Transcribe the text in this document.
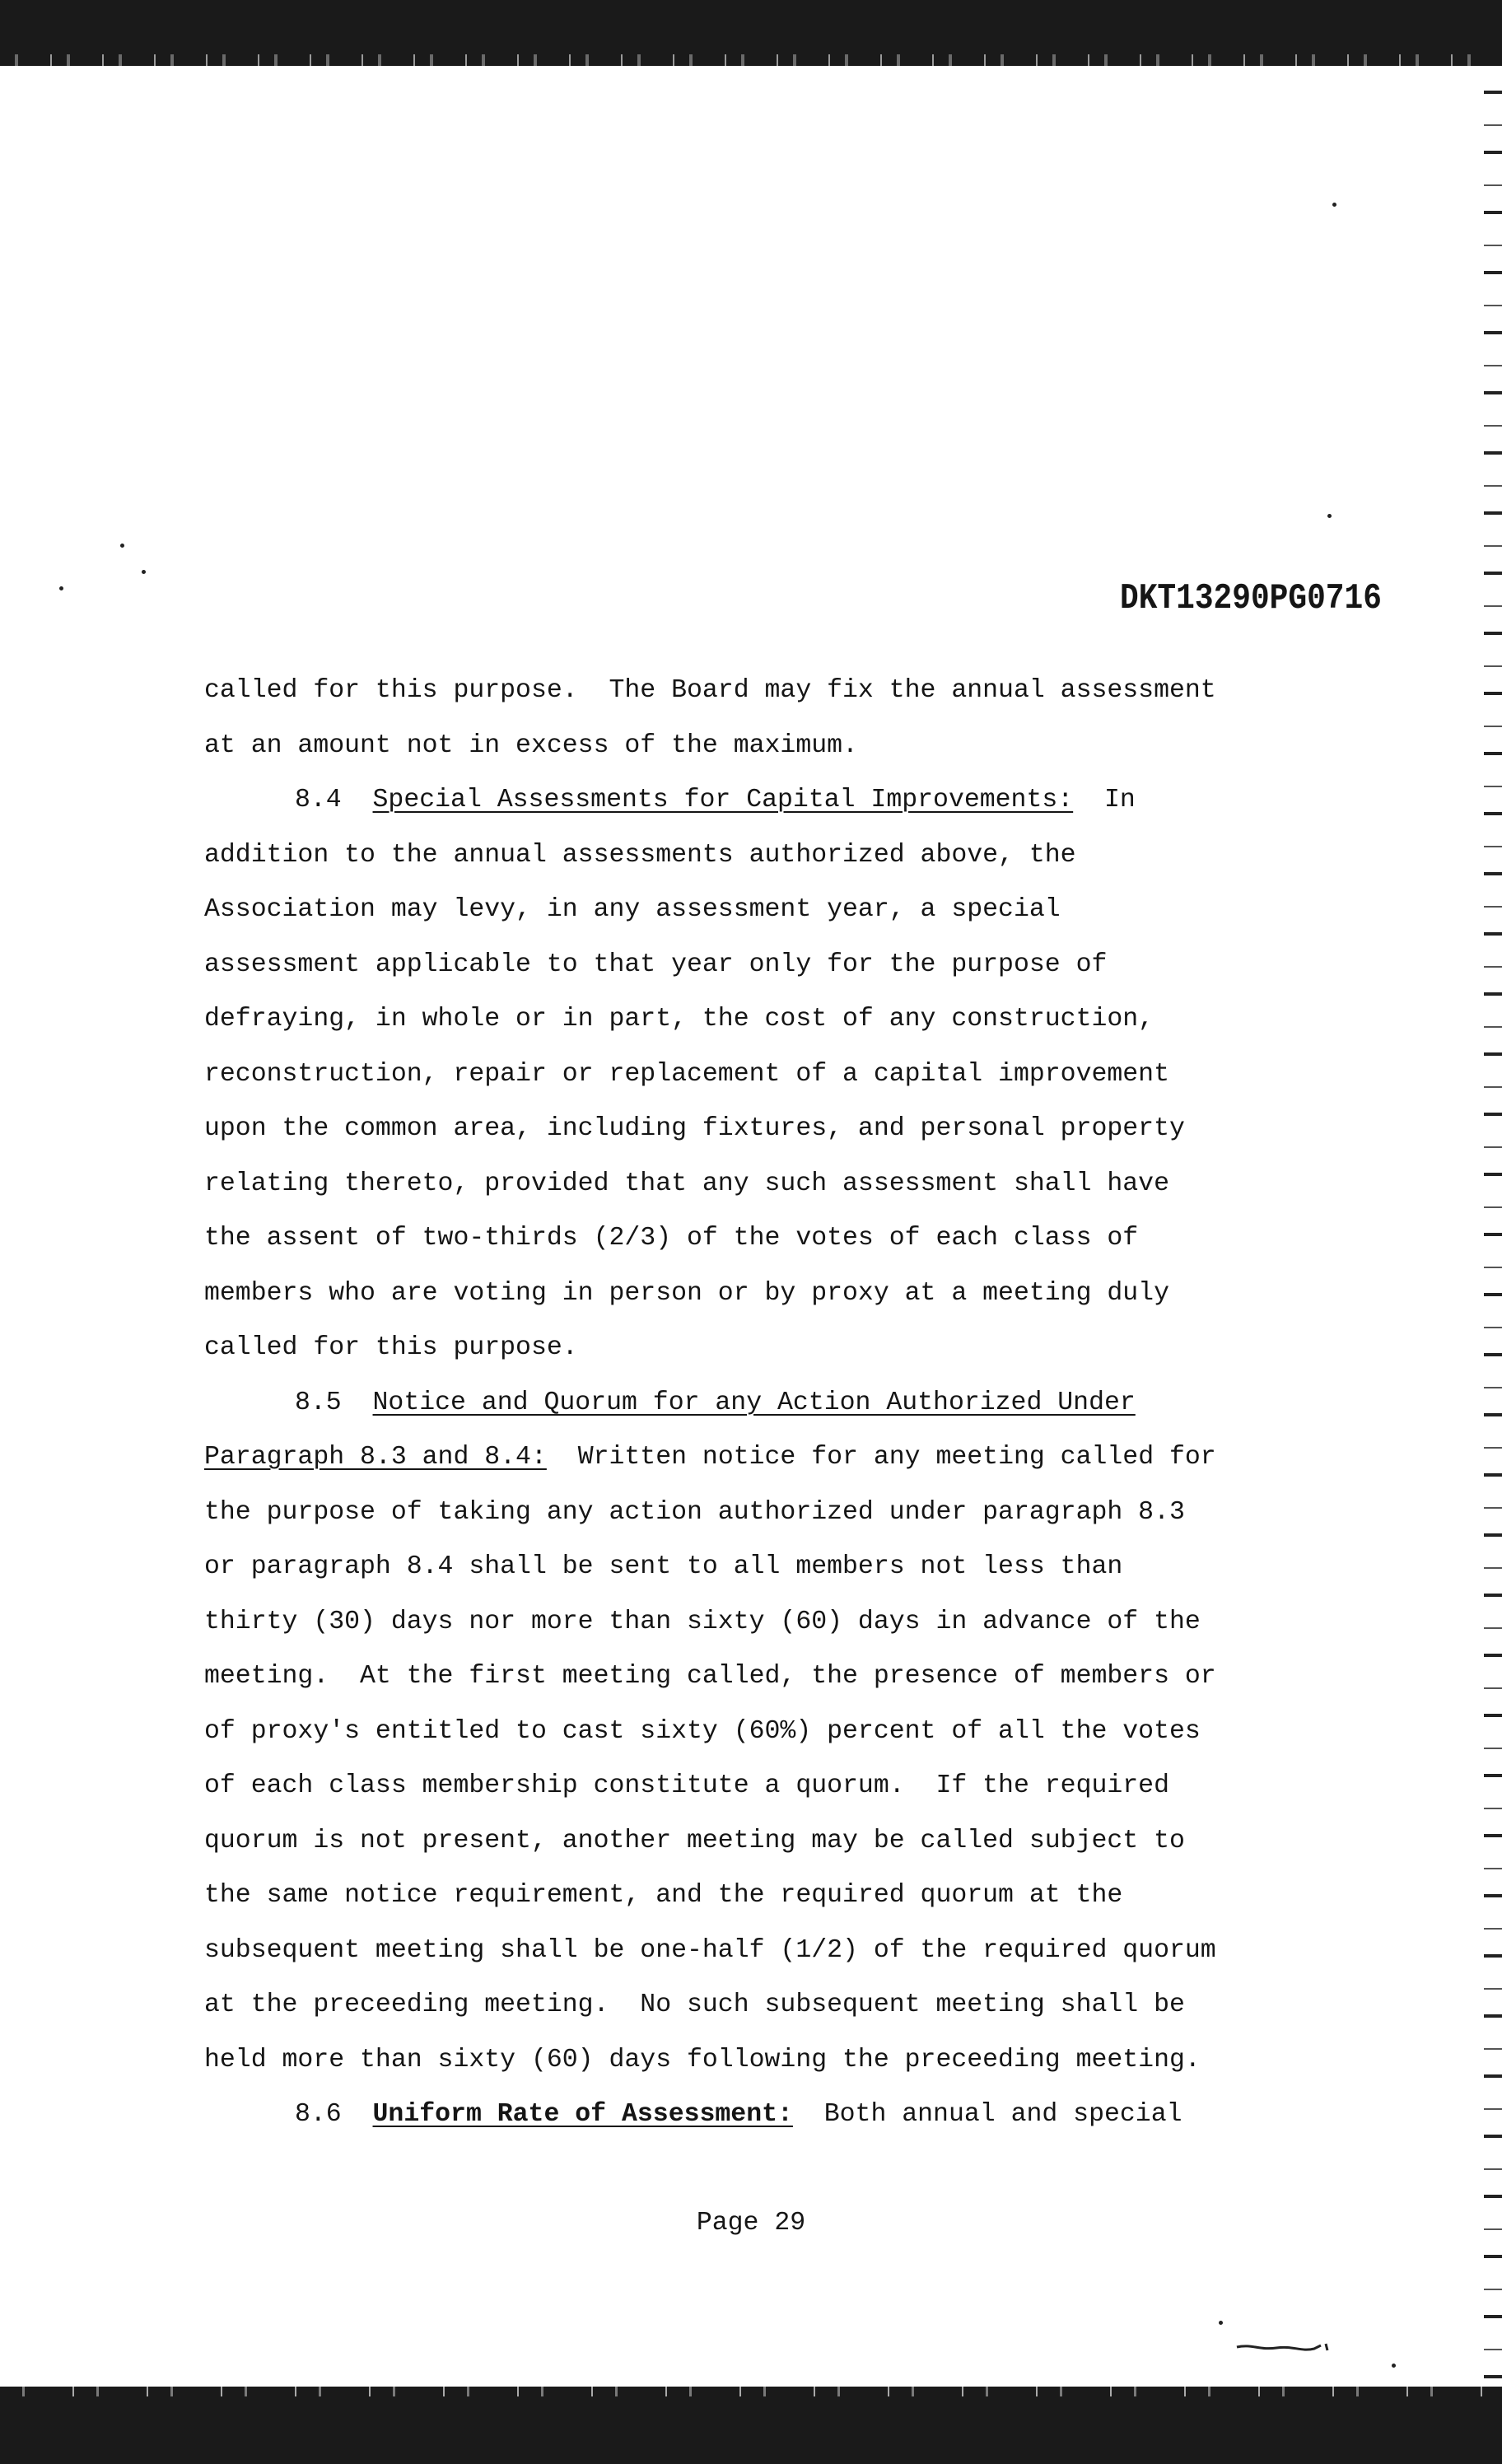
DKT13290PG0716
called for this purpose.  The Board may fix the annual assessment
at an amount not in excess of the maximum.
8.4 Special Assessments for Capital Improvements: In
addition to the annual assessments authorized above, the
Association may levy, in any assessment year, a special
assessment applicable to that year only for the purpose of
defraying, in whole or in part, the cost of any construction,
reconstruction, repair or replacement of a capital improvement
upon the common area, including fixtures, and personal property
relating thereto, provided that any such assessment shall have
the assent of two-thirds (2/3) of the votes of each class of
members who are voting in person or by proxy at a meeting duly
called for this purpose.
8.5 Notice and Quorum for any Action Authorized Under
Paragraph 8.3 and 8.4: Written notice for any meeting called for
the purpose of taking any action authorized under paragraph 8.3
or paragraph 8.4 shall be sent to all members not less than
thirty (30) days nor more than sixty (60) days in advance of the
meeting.  At the first meeting called, the presence of members or
of proxy's entitled to cast sixty (60%) percent of all the votes
of each class membership constitute a quorum.  If the required
quorum is not present, another meeting may be called subject to
the same notice requirement, and the required quorum at the
subsequent meeting shall be one-half (1/2) of the required quorum
at the preceeding meeting.  No such subsequent meeting shall be
held more than sixty (60) days following the preceeding meeting.
8.6 Uniform Rate of Assessment: Both annual and special
Page 29
